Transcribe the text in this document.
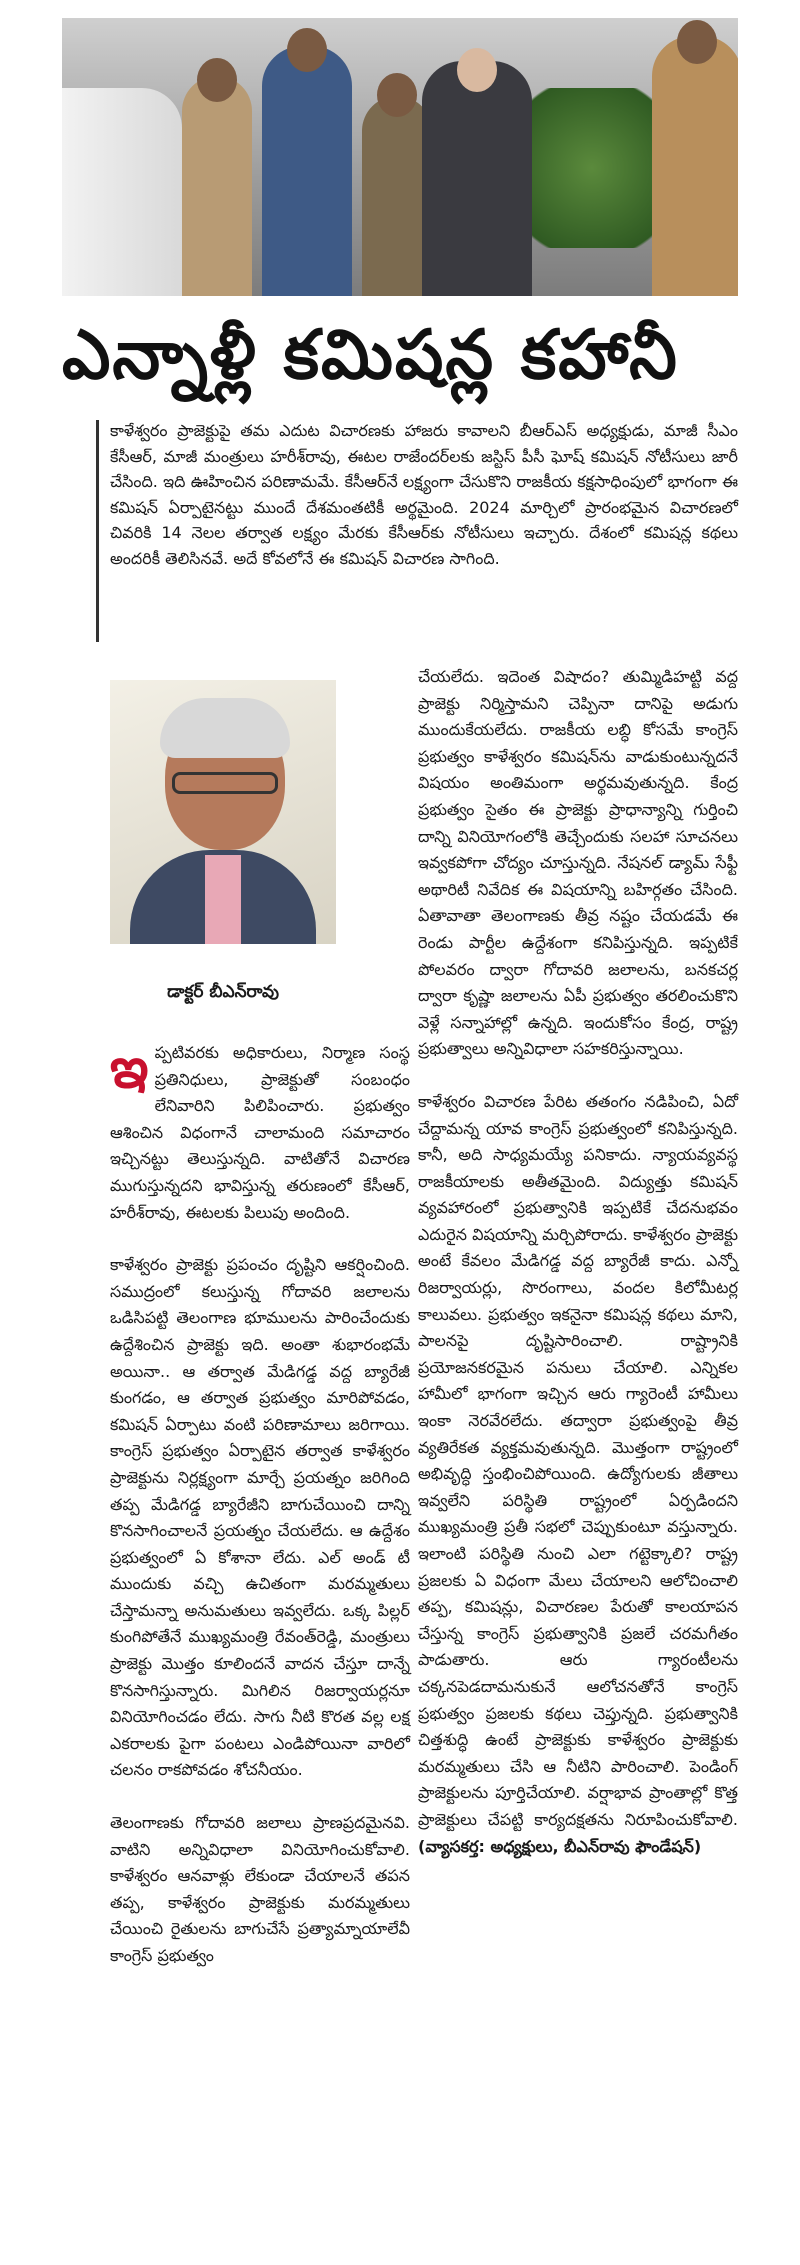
ఎన్నాళ్లీ కమిషన్ల కహానీ

కాళేశ్వరం ప్రాజెక్టుపై తమ ఎదుట విచారణకు హాజరు కావాలని బీఆర్‌ఎస్ అధ్యక్షుడు, మాజీ సీఎం కేసీఆర్, మాజీ మంత్రులు హరీశ్‌రావు, ఈటల రాజేందర్‌లకు జస్టిస్ పీసీ ఘోష్ కమిషన్ నోటీసులు జారీ చేసింది. ఇది ఊహించిన పరిణామమే. కేసీఆర్‌నే లక్ష్యంగా చేసుకొని రాజకీయ కక్షసాధింపులో భాగంగా ఈ కమిషన్ ఏర్పాటైనట్టు ముందే దేశమంతటికీ అర్థమైంది. 2024 మార్చిలో ప్రారంభమైన విచారణలో చివరికి 14 నెలల తర్వాత లక్ష్యం మేరకు కేసీఆర్‌కు నోటీసులు ఇచ్చారు. దేశంలో కమిషన్ల కథలు అందరికీ తెలిసినవే. అదే కోవలోనే ఈ కమిషన్ విచారణ సాగింది.

డాక్టర్ బీఎన్‌రావు

ఇప్పటివరకు అధికారులు, నిర్మాణ సంస్థ ప్రతినిధులు, ప్రాజెక్టుతో సంబంధం లేనివారిని పిలిపించారు. ప్రభుత్వం ఆశించిన విధంగానే చాలామంది సమాచారం ఇచ్చినట్టు తెలుస్తున్నది. వాటితోనే విచారణ ముగుస్తున్నదని భావిస్తున్న తరుణంలో కేసీఆర్, హరీశ్‌రావు, ఈటలకు పిలుపు అందింది.

కాళేశ్వరం ప్రాజెక్టు ప్రపంచం దృష్టిని ఆకర్షించింది. సముద్రంలో కలుస్తున్న గోదావరి జలాలను ఒడిసిపట్టి తెలంగాణ భూములను పారించేందుకు ఉద్దేశించిన ప్రాజెక్టు ఇది. అంతా శుభారంభమే అయినా.. ఆ తర్వాత మేడిగడ్డ వద్ద బ్యారేజీ కుంగడం, ఆ తర్వాత ప్రభుత్వం మారిపోవడం, కమిషన్ ఏర్పాటు వంటి పరిణామాలు జరిగాయి. కాంగ్రెస్ ప్రభుత్వం ఏర్పాటైన తర్వాత కాళేశ్వరం ప్రాజెక్టును నిర్లక్ష్యంగా మార్చే ప్రయత్నం జరిగింది తప్ప మేడిగడ్డ బ్యారేజీని బాగుచేయించి దాన్ని కొనసాగించాలనే ప్రయత్నం చేయలేదు. ఆ ఉద్దేశం ప్రభుత్వంలో ఏ కోశానా లేదు. ఎల్ అండ్ టీ ముందుకు వచ్చి ఉచితంగా మరమ్మతులు చేస్తామన్నా అనుమతులు ఇవ్వలేదు. ఒక్క పిల్లర్ కుంగిపోతేనే ముఖ్యమంత్రి రేవంత్‌రెడ్డి, మంత్రులు ప్రాజెక్టు మొత్తం కూలిందనే వాదన చేస్తూ దాన్నే కొనసాగిస్తున్నారు. మిగిలిన రిజర్వాయర్లనూ వినియోగించడం లేదు. సాగు నీటి కొరత వల్ల లక్ష ఎకరాలకు పైగా పంటలు ఎండిపోయినా వారిలో చలనం రాకపోవడం శోచనీయం.

తెలంగాణకు గోదావరి జలాలు ప్రాణప్రదమైనవి. వాటిని అన్నివిధాలా వినియోగించుకోవాలి. కాళేశ్వరం ఆనవాళ్లు లేకుండా చేయాలనే తపన తప్ప, కాళేశ్వరం ప్రాజెక్టుకు మరమ్మతులు చేయించి రైతులను బాగుచేసే ప్రత్యామ్నాయాలేవీ కాంగ్రెస్ ప్రభుత్వం

చేయలేదు. ఇదెంత విషాదం? తుమ్మిడిహట్టి వద్ద ప్రాజెక్టు నిర్మిస్తామని చెప్పినా దానిపై అడుగు ముందుకేయలేదు. రాజకీయ లబ్ధి కోసమే కాంగ్రెస్ ప్రభుత్వం కాళేశ్వరం కమిషన్‌ను వాడుకుంటున్నదనే విషయం అంతిమంగా అర్థమవుతున్నది. కేంద్ర ప్రభుత్వం సైతం ఈ ప్రాజెక్టు ప్రాధాన్యాన్ని గుర్తించి దాన్ని వినియోగంలోకి తెచ్చేందుకు సలహా సూచనలు ఇవ్వకపోగా చోద్యం చూస్తున్నది. నేషనల్ డ్యామ్ సేఫ్టీ అథారిటీ నివేదిక ఈ విషయాన్ని బహిర్గతం చేసింది. ఏతావాతా తెలంగాణకు తీవ్ర నష్టం చేయడమే ఈ రెండు పార్టీల ఉద్దేశంగా కనిపిస్తున్నది. ఇప్పటికే పోలవరం ద్వారా గోదావరి జలాలను, బనకచర్ల ద్వారా కృష్ణా జలాలను ఏపీ ప్రభుత్వం తరలించుకొని వెళ్లే సన్నాహాల్లో ఉన్నది. ఇందుకోసం కేంద్ర, రాష్ట్ర ప్రభుత్వాలు అన్నివిధాలా సహకరిస్తున్నాయి.

కాళేశ్వరం విచారణ పేరిట తతంగం నడిపించి, ఏదో చేద్దామన్న యావ కాంగ్రెస్ ప్రభుత్వంలో కనిపిస్తున్నది. కానీ, అది సాధ్యమయ్యే పనికాదు. న్యాయవ్యవస్థ రాజకీయాలకు అతీతమైంది. విద్యుత్తు కమిషన్ వ్యవహారంలో ప్రభుత్వానికి ఇప్పటికే చేదనుభవం ఎదురైన విషయాన్ని మర్చిపోరాదు. కాళేశ్వరం ప్రాజెక్టు అంటే కేవలం మేడిగడ్డ వద్ద బ్యారేజీ కాదు. ఎన్నో రిజర్వాయర్లు, సొరంగాలు, వందల కిలోమీటర్ల కాలువలు. ప్రభుత్వం ఇకనైనా కమిషన్ల కథలు మాని, పాలనపై దృష్టిసారించాలి. రాష్ట్రానికి ప్రయోజనకరమైన పనులు చేయాలి. ఎన్నికల హామీలో భాగంగా ఇచ్చిన ఆరు గ్యారెంటీ హామీలు ఇంకా నెరవేరలేదు. తద్వారా ప్రభుత్వంపై తీవ్ర వ్యతిరేకత వ్యక్తమవుతున్నది. మొత్తంగా రాష్ట్రంలో అభివృద్ధి స్తంభించిపోయింది. ఉద్యోగులకు జీతాలు ఇవ్వలేని పరిస్థితి రాష్ట్రంలో ఏర్పడిందని ముఖ్యమంత్రి ప్రతీ సభలో చెప్పుకుంటూ వస్తున్నారు. ఇలాంటి పరిస్థితి నుంచి ఎలా గట్టెక్కాలి? రాష్ట్ర ప్రజలకు ఏ విధంగా మేలు చేయాలని ఆలోచించాలి తప్ప, కమిషన్లు, విచారణల పేరుతో కాలయాపన చేస్తున్న కాంగ్రెస్ ప్రభుత్వానికి ప్రజలే చరమగీతం పాడుతారు. ఆరు గ్యారంటీలను చక్కనపెడదామనుకునే ఆలోచనతోనే కాంగ్రెస్ ప్రభుత్వం ప్రజలకు కథలు చెప్తున్నది. ప్రభుత్వానికి చిత్తశుద్ధి ఉంటే ప్రాజెక్టుకు కాళేశ్వరం ప్రాజెక్టుకు మరమ్మతులు చేసి ఆ నీటిని పారించాలి. పెండింగ్ ప్రాజెక్టులను పూర్తిచేయాలి. వర్షాభావ ప్రాంతాల్లో కొత్త ప్రాజెక్టులు చేపట్టి కార్యదక్షతను నిరూపించుకోవాలి. (వ్యాసకర్త: అధ్యక్షులు, బీఎన్‌రావు ఫౌండేషన్)
